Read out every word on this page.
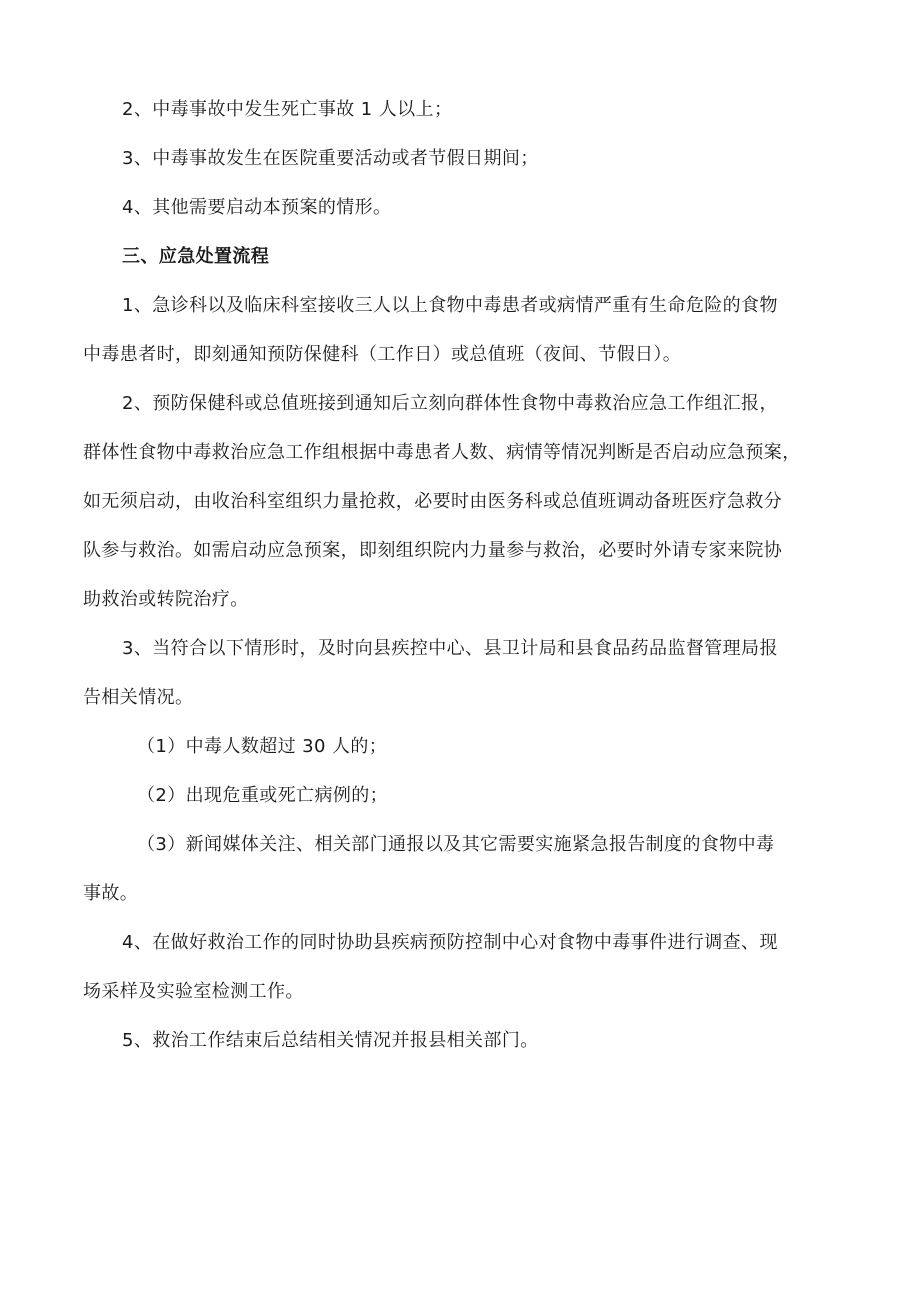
2、中毒事故中发生死亡事故 1 人以上；
3、中毒事故发生在医院重要活动或者节假日期间；
4、其他需要启动本预案的情形。
三、应急处置流程
1、急诊科以及临床科室接收三人以上食物中毒患者或病情严重有生命危险的食物
中毒患者时，即刻通知预防保健科（工作日）或总值班（夜间、节假日）。
2、预防保健科或总值班接到通知后立刻向群体性食物中毒救治应急工作组汇报，
群体性食物中毒救治应急工作组根据中毒患者人数、病情等情况判断是否启动应急预案，
如无须启动，由收治科室组织力量抢救，必要时由医务科或总值班调动备班医疗急救分
队参与救治。如需启动应急预案，即刻组织院内力量参与救治，必要时外请专家来院协
助救治或转院治疗。
3、当符合以下情形时，及时向县疾控中心、县卫计局和县食品药品监督管理局报
告相关情况。
（1）中毒人数超过 30 人的；
（2）出现危重或死亡病例的；
（3）新闻媒体关注、相关部门通报以及其它需要实施紧急报告制度的食物中毒
事故。
4、在做好救治工作的同时协助县疾病预防控制中心对食物中毒事件进行调查、现
场采样及实验室检测工作。
5、救治工作结束后总结相关情况并报县相关部门。
